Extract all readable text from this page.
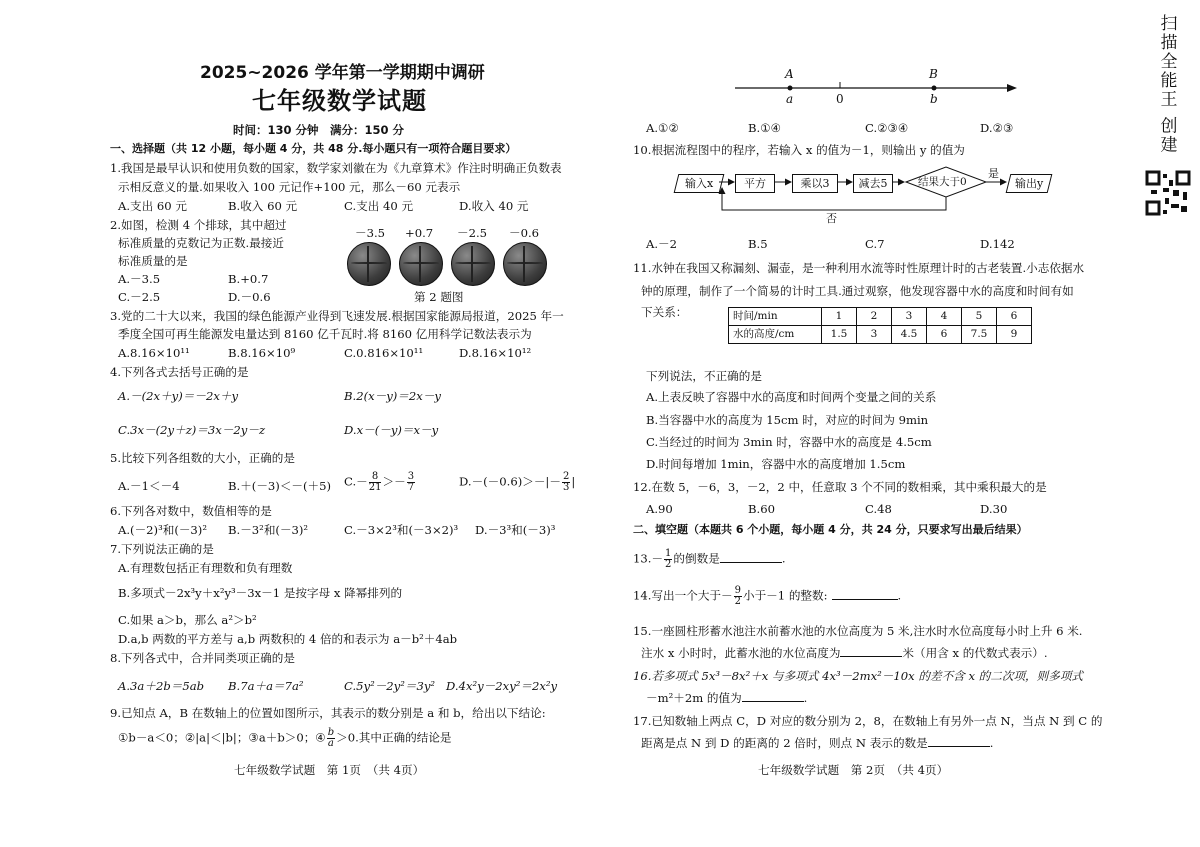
扫描全能王 创建
2025~2026 学年第一学期期中调研
七年级数学试题
时间：130 分钟　满分：150 分
一、选择题（共 12 小题，每小题 4 分，共 48 分.每小题只有一项符合题目要求）
1.我国是最早认识和使用负数的国家，数学家刘徽在为《九章算术》作注时明确正负数表
示相反意义的量.如果收入 100 元记作+100 元，那么－60 元表示
A.支出 60 元	B.收入 60 元	C.支出 40 元	D.收入 40 元
2.如图，检测 4 个排球，其中超过
标准质量的克数记为正数.最接近
标准质量的是
A.－3.5	B.+0.7
C.－2.5	D.－0.6
－3.5 +0.7 －2.5 －0.6
第 2 题图
3.党的二十大以来，我国的绿色能源产业得到飞速发展.根据国家能源局报道，2025 年一
季度全国可再生能源发电量达到 8160 亿千瓦时.将 8160 亿用科学记数法表示为
A.8.16×10¹¹	B.8.16×10⁹	C.0.816×10¹¹	D.8.16×10¹²
4.下列各式去括号正确的是
A.－(2x＋y)＝－2x＋y	B.2(x－y)＝2x－y
C.3x－(2y＋z)＝3x－2y－z	D.x－(－y)＝x－y
5.比较下列各组数的大小，正确的是
A.－1＜－4	B.＋(－3)＜－(＋5) $C.- \frac{8}{21} >- \frac{3}{7}$	$D.-(-0.6)>-|- \frac{2}{3}$ |
6.下列各对数中，数值相等的是
A.(－2)³和(－3)² B.－3²和(－3)²	C.－3×2³和(－3×2)³ D.－3³和(－3)³
7.下列说法正确的是
A.有理数包括正有理数和负有理数
B.多项式－2x³y＋x²y³－3x－1 是按字母 x 降幂排列的
C.如果 a＞b，那么 a²＞b²
D.a,b 两数的平方差与 a,b 两数积的 4 倍的和表示为 a－b²＋4ab
8.下列各式中，合并同类项正确的是
A.3a＋2b＝5ab B.7a＋a＝7a²	C.5y²－2y²＝3y² D.4x²y－2xy²＝2x²y
9.已知点 A，B 在数轴上的位置如图所示，其表示的数分别是 a 和 b，给出以下结论:
①b－a＜0；②|a|＜|b|；③a＋b＞0；④ $\frac{b}{a} >0$.其中正确的结论是
七年级数学试题　第 1页　（共 4页）
A
a	0
B
b
A.①②	B.①④	C.②③④	D.②③
10.根据流程图中的程序，若输入 x 的值为－1，则输出 y 的值为
输入x	平方	乘以3	减去5	结果大于0
是
输出y
否
A.－2	B.5	C.7	D.142
11.水钟在我国又称漏刻、漏壶，是一种利用水流等时性原理计时的古老装置.小志依据水
钟的原理，制作了一个简易的计时工具.通过观察，他发现容器中水的高度和时间有如
下关系：	时间/min	1	2	3	4	5	6
水的高度/cm	1.5	3	4.5	6	7.5	9
下列说法，不正确的是
A.上表反映了容器中水的高度和时间两个变量之间的关系
B.当容器中水的高度为 15cm 时，对应的时间为 9min
C.当经过的时间为 3min 时，容器中水的高度是 4.5cm
D.时间每增加 1min，容器中水的高度增加 1.5cm
12.在数 5，－6，3，－2，2 中，任意取 3 个不同的数相乘，其中乘积最大的是
A.90	B.60	C.48	D.30
二、填空题（本题共 6 个小题，每小题 4 分，共 24 分，只要求写出最后结果）
$13.- \frac{1}{2}$ 的倒数是	.
14.写出一个大于－ $\frac{9}{2}$ 小于－1 的整数:	.
15.一座圆柱形蓄水池注水前蓄水池的水位高度为 5 米,注水时水位高度每小时上升 6 米.
注水 x 小时时，此蓄水池的水位高度为	米（用含 x 的代数式表示）.
16.若多项式 5x³－8x²＋x 与多项式 4x³－2mx²－10x 的差不含 x 的二次项，则多项式
－m²＋2m 的值为	.
17.已知数轴上两点 C，D 对应的数分别为 2，8，在数轴上有另外一点 N，当点 N 到 C 的
距离是点 N 到 D 的距离的 2 倍时，则点 N 表示的数是	.
七年级数学试题　第 2页　（共 4页）
